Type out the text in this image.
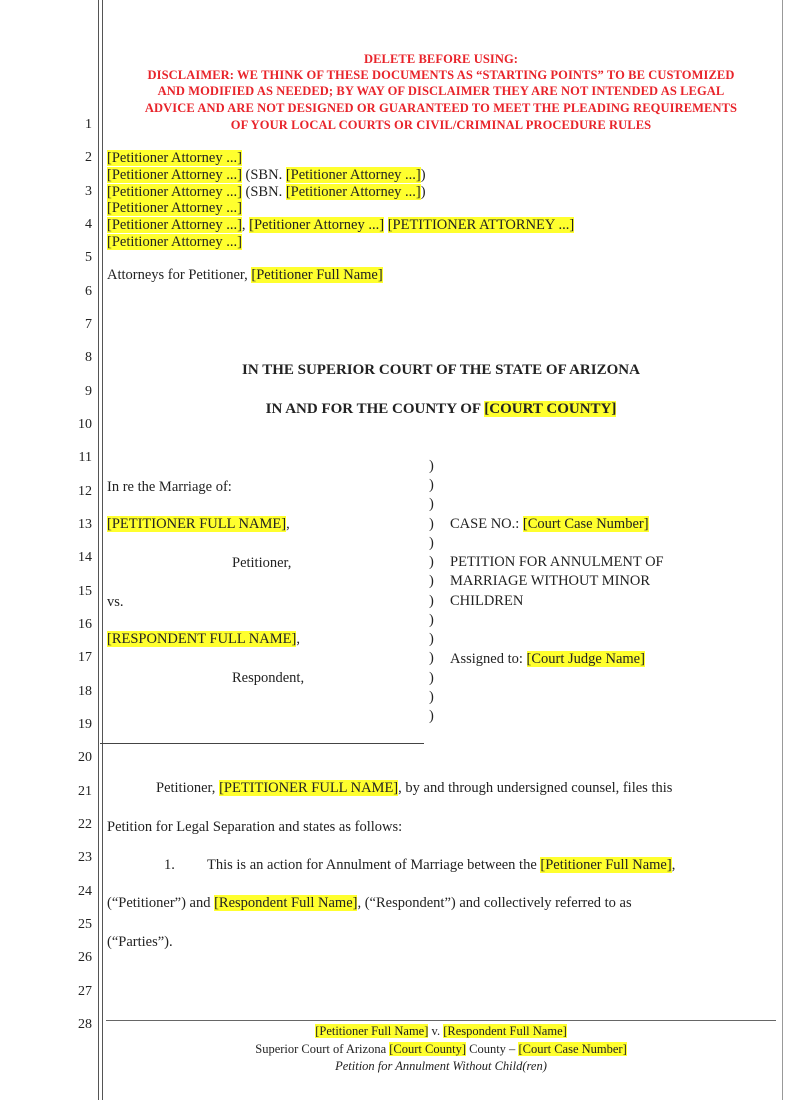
1
2
3
4
5
6
7
8
9
10
11
12
13
14
15
16
17
18
19
20
21
22
23
24
25
26
27
28
DELETE BEFORE USING:
DISCLAIMER: WE THINK OF THESE DOCUMENTS AS “STARTING POINTS” TO BE CUSTOMIZED
AND MODIFIED AS NEEDED; BY WAY OF DISCLAIMER THEY ARE NOT INTENDED AS LEGAL
ADVICE AND ARE NOT DESIGNED OR GUARANTEED TO MEET THE PLEADING REQUIREMENTS
OF YOUR LOCAL COURTS OR CIVIL/CRIMINAL PROCEDURE RULES
[Petitioner Attorney ...]
[Petitioner Attorney ...] (SBN. [Petitioner Attorney ...])
[Petitioner Attorney ...] (SBN. [Petitioner Attorney ...])
[Petitioner Attorney ...]
[Petitioner Attorney ...], [Petitioner Attorney ...] [PETITIONER ATTORNEY ...]
[Petitioner Attorney ...]
Attorneys for Petitioner, [Petitioner Full Name]
IN THE SUPERIOR COURT OF THE STATE OF ARIZONA
IN AND FOR THE COUNTY OF [COURT COUNTY]
In re the Marriage of:
[PETITIONER FULL NAME],
Petitioner,
vs.
[RESPONDENT FULL NAME],
Respondent,
)
)
)
)
)
)
)
)
)
)
)
)
)
)
CASE NO.: [Court Case Number]
PETITION FOR ANNULMENT OF
MARRIAGE WITHOUT MINOR
CHILDREN
Assigned to: [Court Judge Name]
Petitioner, [PETITIONER FULL NAME], by and through undersigned counsel, files this
Petition for Legal Separation and states as follows:
1. This is an action for Annulment of Marriage between the [Petitioner Full Name],
(“Petitioner”) and [Respondent Full Name], (“Respondent”) and collectively referred to as
(“Parties”).
[Petitioner Full Name] v. [Respondent Full Name]
Superior Court of Arizona [Court County] County – [Court Case Number]
Petition for Annulment Without Child(ren)
